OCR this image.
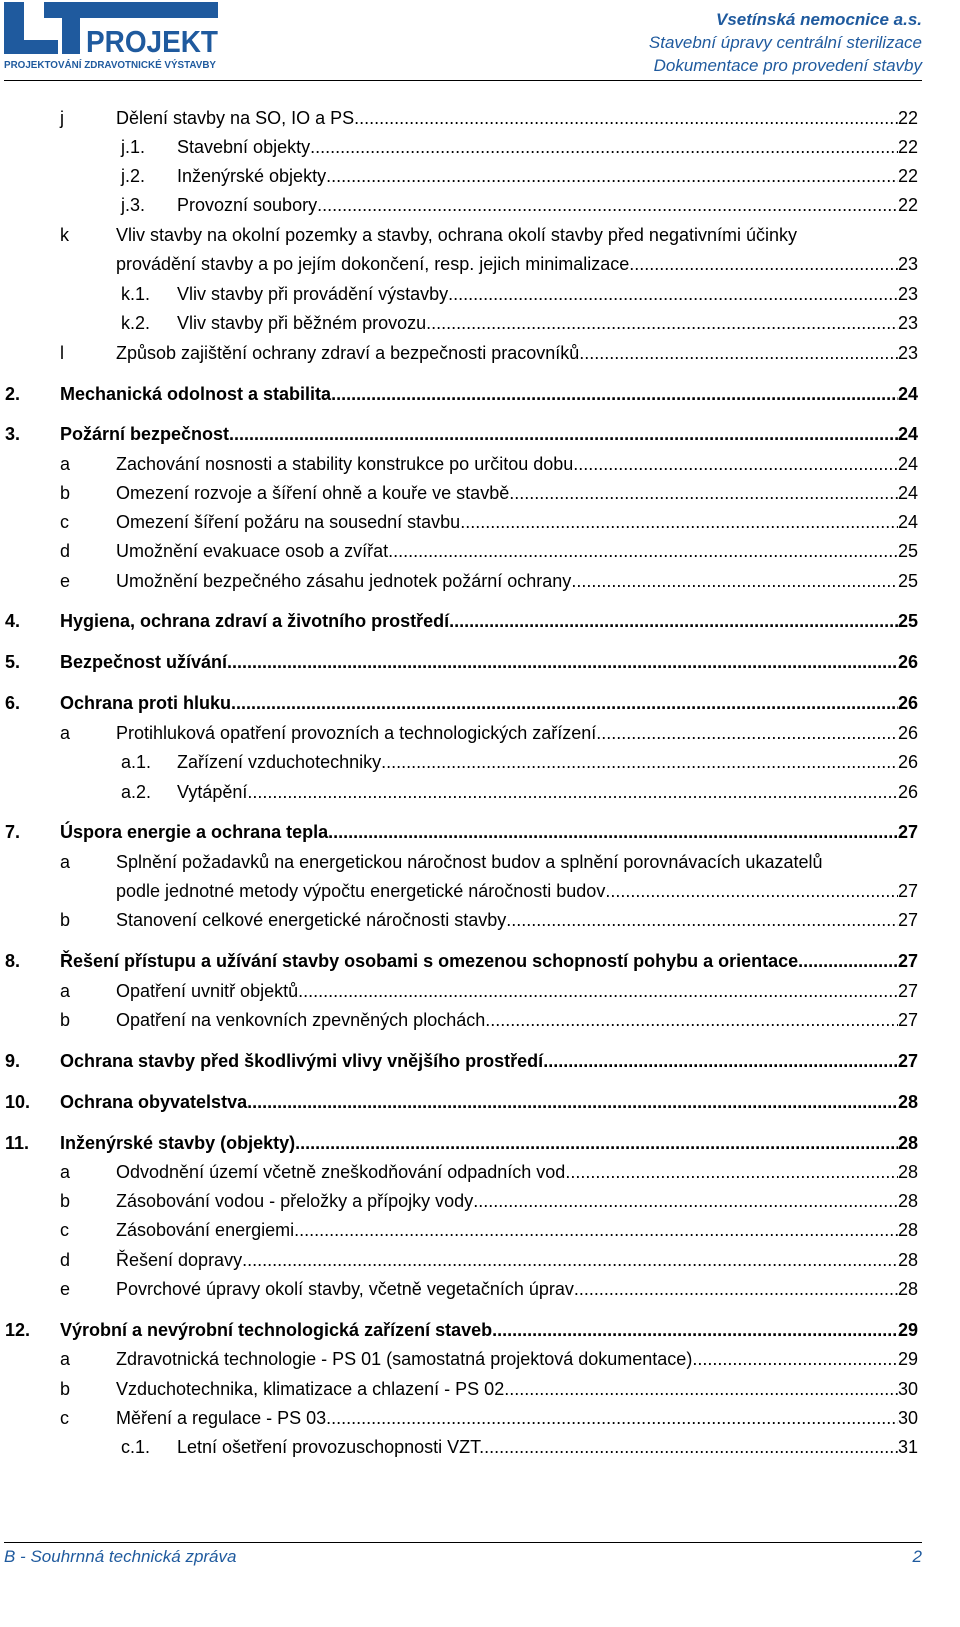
PROJEKT
PROJEKTOVÁNÍ ZDRAVOTNICKÉ VÝSTAVBY
Vsetínská nemocnice a.s.
Stavební úpravy centrální sterilizace
Dokumentace pro provedení stavby
j	Dělení stavby na SO, IO a PS .....	22
j.1. Stavební objekty .....	22
j.2. Inženýrské objekty .....	22
j.3. Provozní soubory .....	22
k	Vliv stavby na okolní pozemky a stavby, ochrana okolí stavby před negativními účinky
provádění stavby a po jejím dokončení, resp. jejich minimalizace .....	23
k.1. Vliv stavby při provádění výstavby .....	23
k.2. Vliv stavby při běžném provozu .....	23
l	Způsob zajištění ochrany zdraví a bezpečnosti pracovníků .....	23
2. Mechanická odolnost a stabilita .....	24
3. Požární bezpečnost .....	24
a	Zachování nosnosti a stability konstrukce po určitou dobu .....	24
b	Omezení rozvoje a šíření ohně a kouře ve stavbě .....	24
c	Omezení šíření požáru na sousední stavbu .....	24
d	Umožnění evakuace osob a zvířat .....	25
e	Umožnění bezpečného zásahu jednotek požární ochrany .....	25
4. Hygiena, ochrana zdraví a životního prostředí .....	25
5. Bezpečnost užívání .....	26
6. Ochrana proti hluku .....	26
a	Protihluková opatření provozních a technologických zařízení .....	26
a.1. Zařízení vzduchotechniky .....	26
a.2. Vytápění .....	26
7. Úspora energie a ochrana tepla .....	27
a	Splnění požadavků na energetickou náročnost budov a splnění porovnávacích ukazatelů
podle jednotné metody výpočtu energetické náročnosti budov .....	27
b	Stanovení celkové energetické náročnosti stavby .....	27
8. Řešení přístupu a užívání stavby osobami s omezenou schopností pohybu a orientace .....	27
a	Opatření uvnitř objektů .....	27
b	Opatření na venkovních zpevněných plochách .....	27
9. Ochrana stavby před škodlivými vlivy vnějšího prostředí .....	27
10. Ochrana obyvatelstva .....	28
11. Inženýrské stavby (objekty) .....	28
a	Odvodnění území včetně zneškodňování odpadních vod .....	28
b	Zásobování vodou - přeložky a přípojky vody .....	28
c	Zásobování energiemi .....	28
d	Řešení dopravy .....	28
e	Povrchové úpravy okolí stavby, včetně vegetačních úprav .....	28
12. Výrobní a nevýrobní technologická zařízení staveb .....	29
a	Zdravotnická technologie - PS 01 (samostatná projektová dokumentace) .....	29
b	Vzduchotechnika, klimatizace a chlazení - PS 02 .....	30
c	Měření a regulace - PS 03 .....	30
c.1. Letní ošetření provozuschopnosti VZT. .....	31
B - Souhrnná technická zpráva	2
